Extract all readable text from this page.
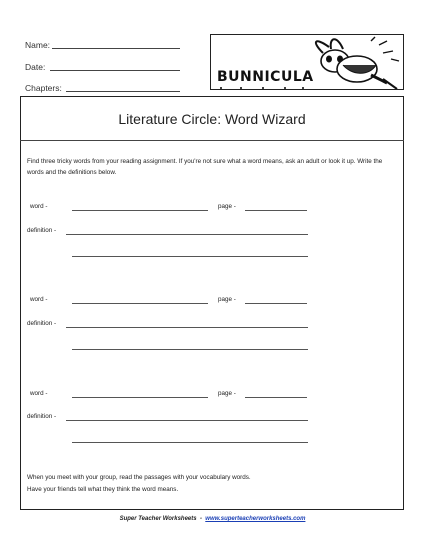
Name:
Date:
Chapters:
BUNNICULA
Literature Circle: Word Wizard
Find three tricky words from your reading assignment. If you're not sure what a word means, ask an adult or look it up. Write the words and the definitions below.
word -	page -
definition -
word -	page -
definition -
word -	page -
definition -
When you meet with your group, read the passages with your vocabulary words.
Have your friends tell what they think the word means.
Super Teacher Worksheets - www.superteacherworksheets.com
